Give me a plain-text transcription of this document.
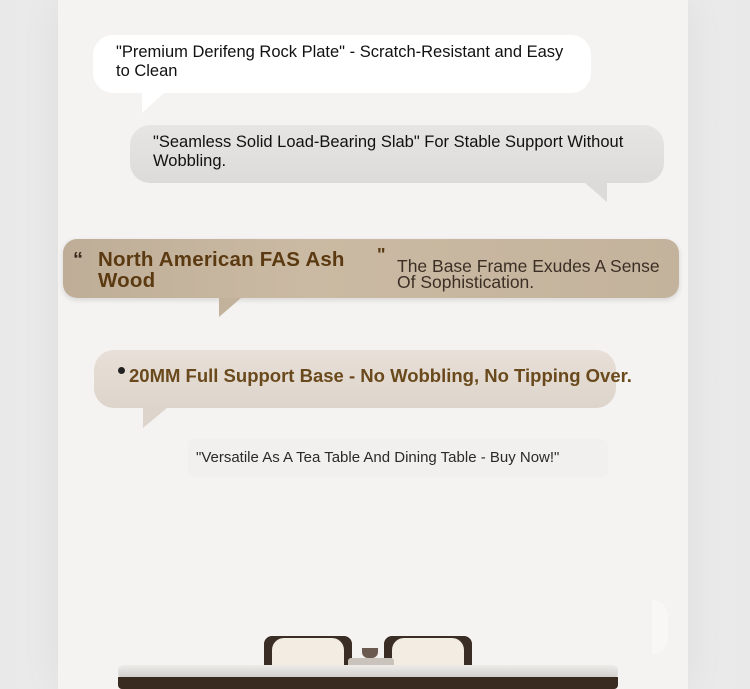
"Premium Derifeng Rock Plate" - Scratch-Resistant and Easy to Clean
"Seamless Solid Load-Bearing Slab" For Stable Support Without Wobbling.
“ North American FAS Ash Wood
"
The Base Frame Exudes A Sense Of Sophistication.
20MM Full Support Base - No Wobbling, No Tipping Over.
"Versatile As A Tea Table And Dining Table - Buy Now!"
